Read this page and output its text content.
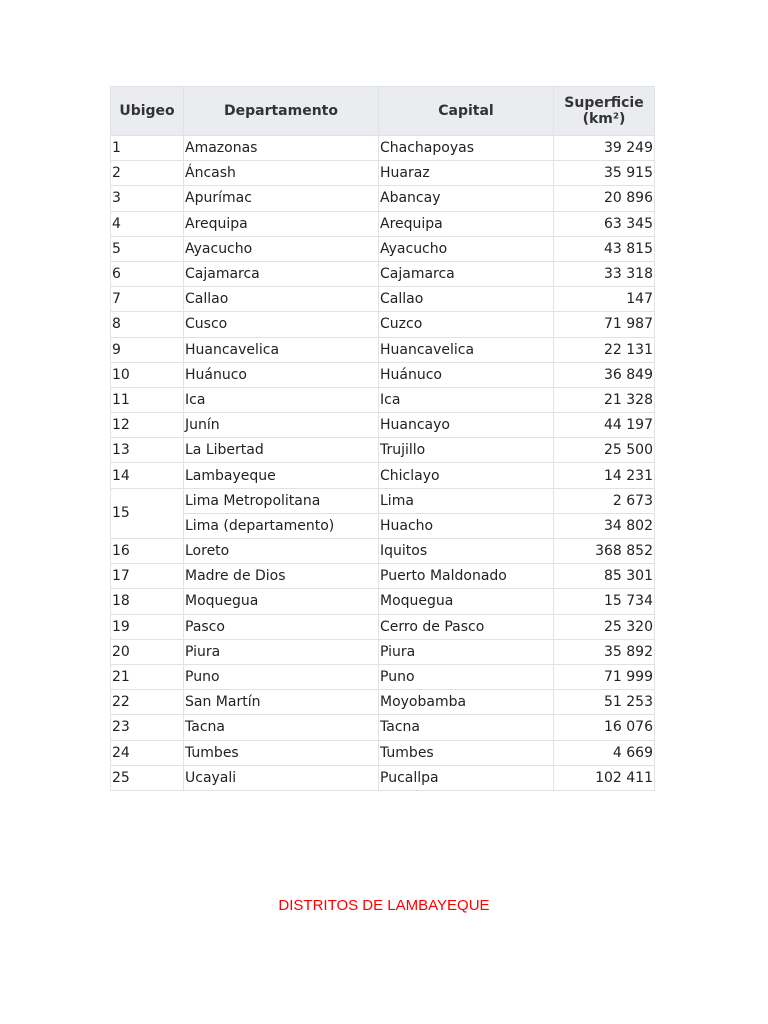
Ubigeo	Departamento	Capital	Superficie
(km²)
1	Amazonas	Chachapoyas	39 249
2	Áncash	Huaraz	35 915
3	Apurímac	Abancay	20 896
4	Arequipa	Arequipa	63 345
5	Ayacucho	Ayacucho	43 815
6	Cajamarca	Cajamarca	33 318
7	Callao	Callao	147
8	Cusco	Cuzco	71 987
9	Huancavelica	Huancavelica	22 131
10	Huánuco	Huánuco	36 849
11	Ica	Ica	21 328
12	Junín	Huancayo	44 197
13	La Libertad	Trujillo	25 500
14	Lambayeque	Chiclayo	14 231
15	Lima Metropolitana	Lima	2 673
	Lima (departamento)	Huacho	34 802
16	Loreto	Iquitos	368 852
17	Madre de Dios	Puerto Maldonado	85 301
18	Moquegua	Moquegua	15 734
19	Pasco	Cerro de Pasco	25 320
20	Piura	Piura	35 892
21	Puno	Puno	71 999
22	San Martín	Moyobamba	51 253
23	Tacna	Tacna	16 076
24	Tumbes	Tumbes	4 669
25	Ucayali	Pucallpa	102 411
DISTRITOS DE LAMBAYEQUE
